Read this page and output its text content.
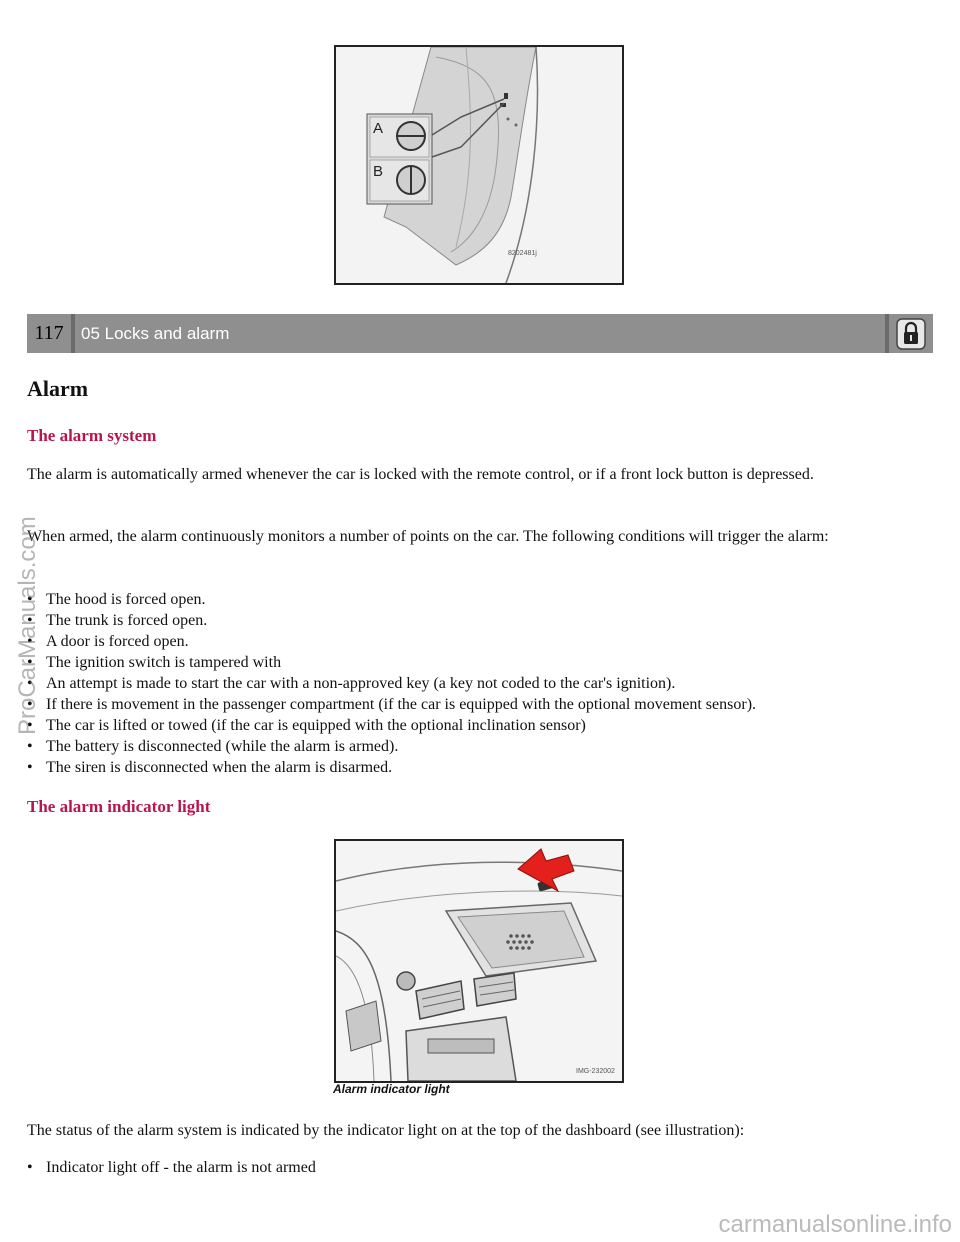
A
B
8202481j
117	05 Locks and alarm
Alarm

The alarm system

The alarm is automatically armed whenever the car is locked with the remote control, or if a front lock button is depressed.

When armed, the alarm continuously monitors a number of points on the car. The following conditions will trigger the alarm:

• The hood is forced open.
• The trunk is forced open.
• A door is forced open.
• The ignition switch is tampered with
• An attempt is made to start the car with a non-approved key (a key not coded to the car's ignition).
• If there is movement in the passenger compartment (if the car is equipped with the optional movement sensor).
• The car is lifted or towed (if the car is equipped with the optional inclination sensor)
• The battery is disconnected (while the alarm is armed).
• The siren is disconnected when the alarm is disarmed.

The alarm indicator light

IMG-232002
Alarm indicator light

The status of the alarm system is indicated by the indicator light on at the top of the dashboard (see illustration):

• Indicator light off - the alarm is not armed
ProCarManuals.com
carmanualsonline.info
